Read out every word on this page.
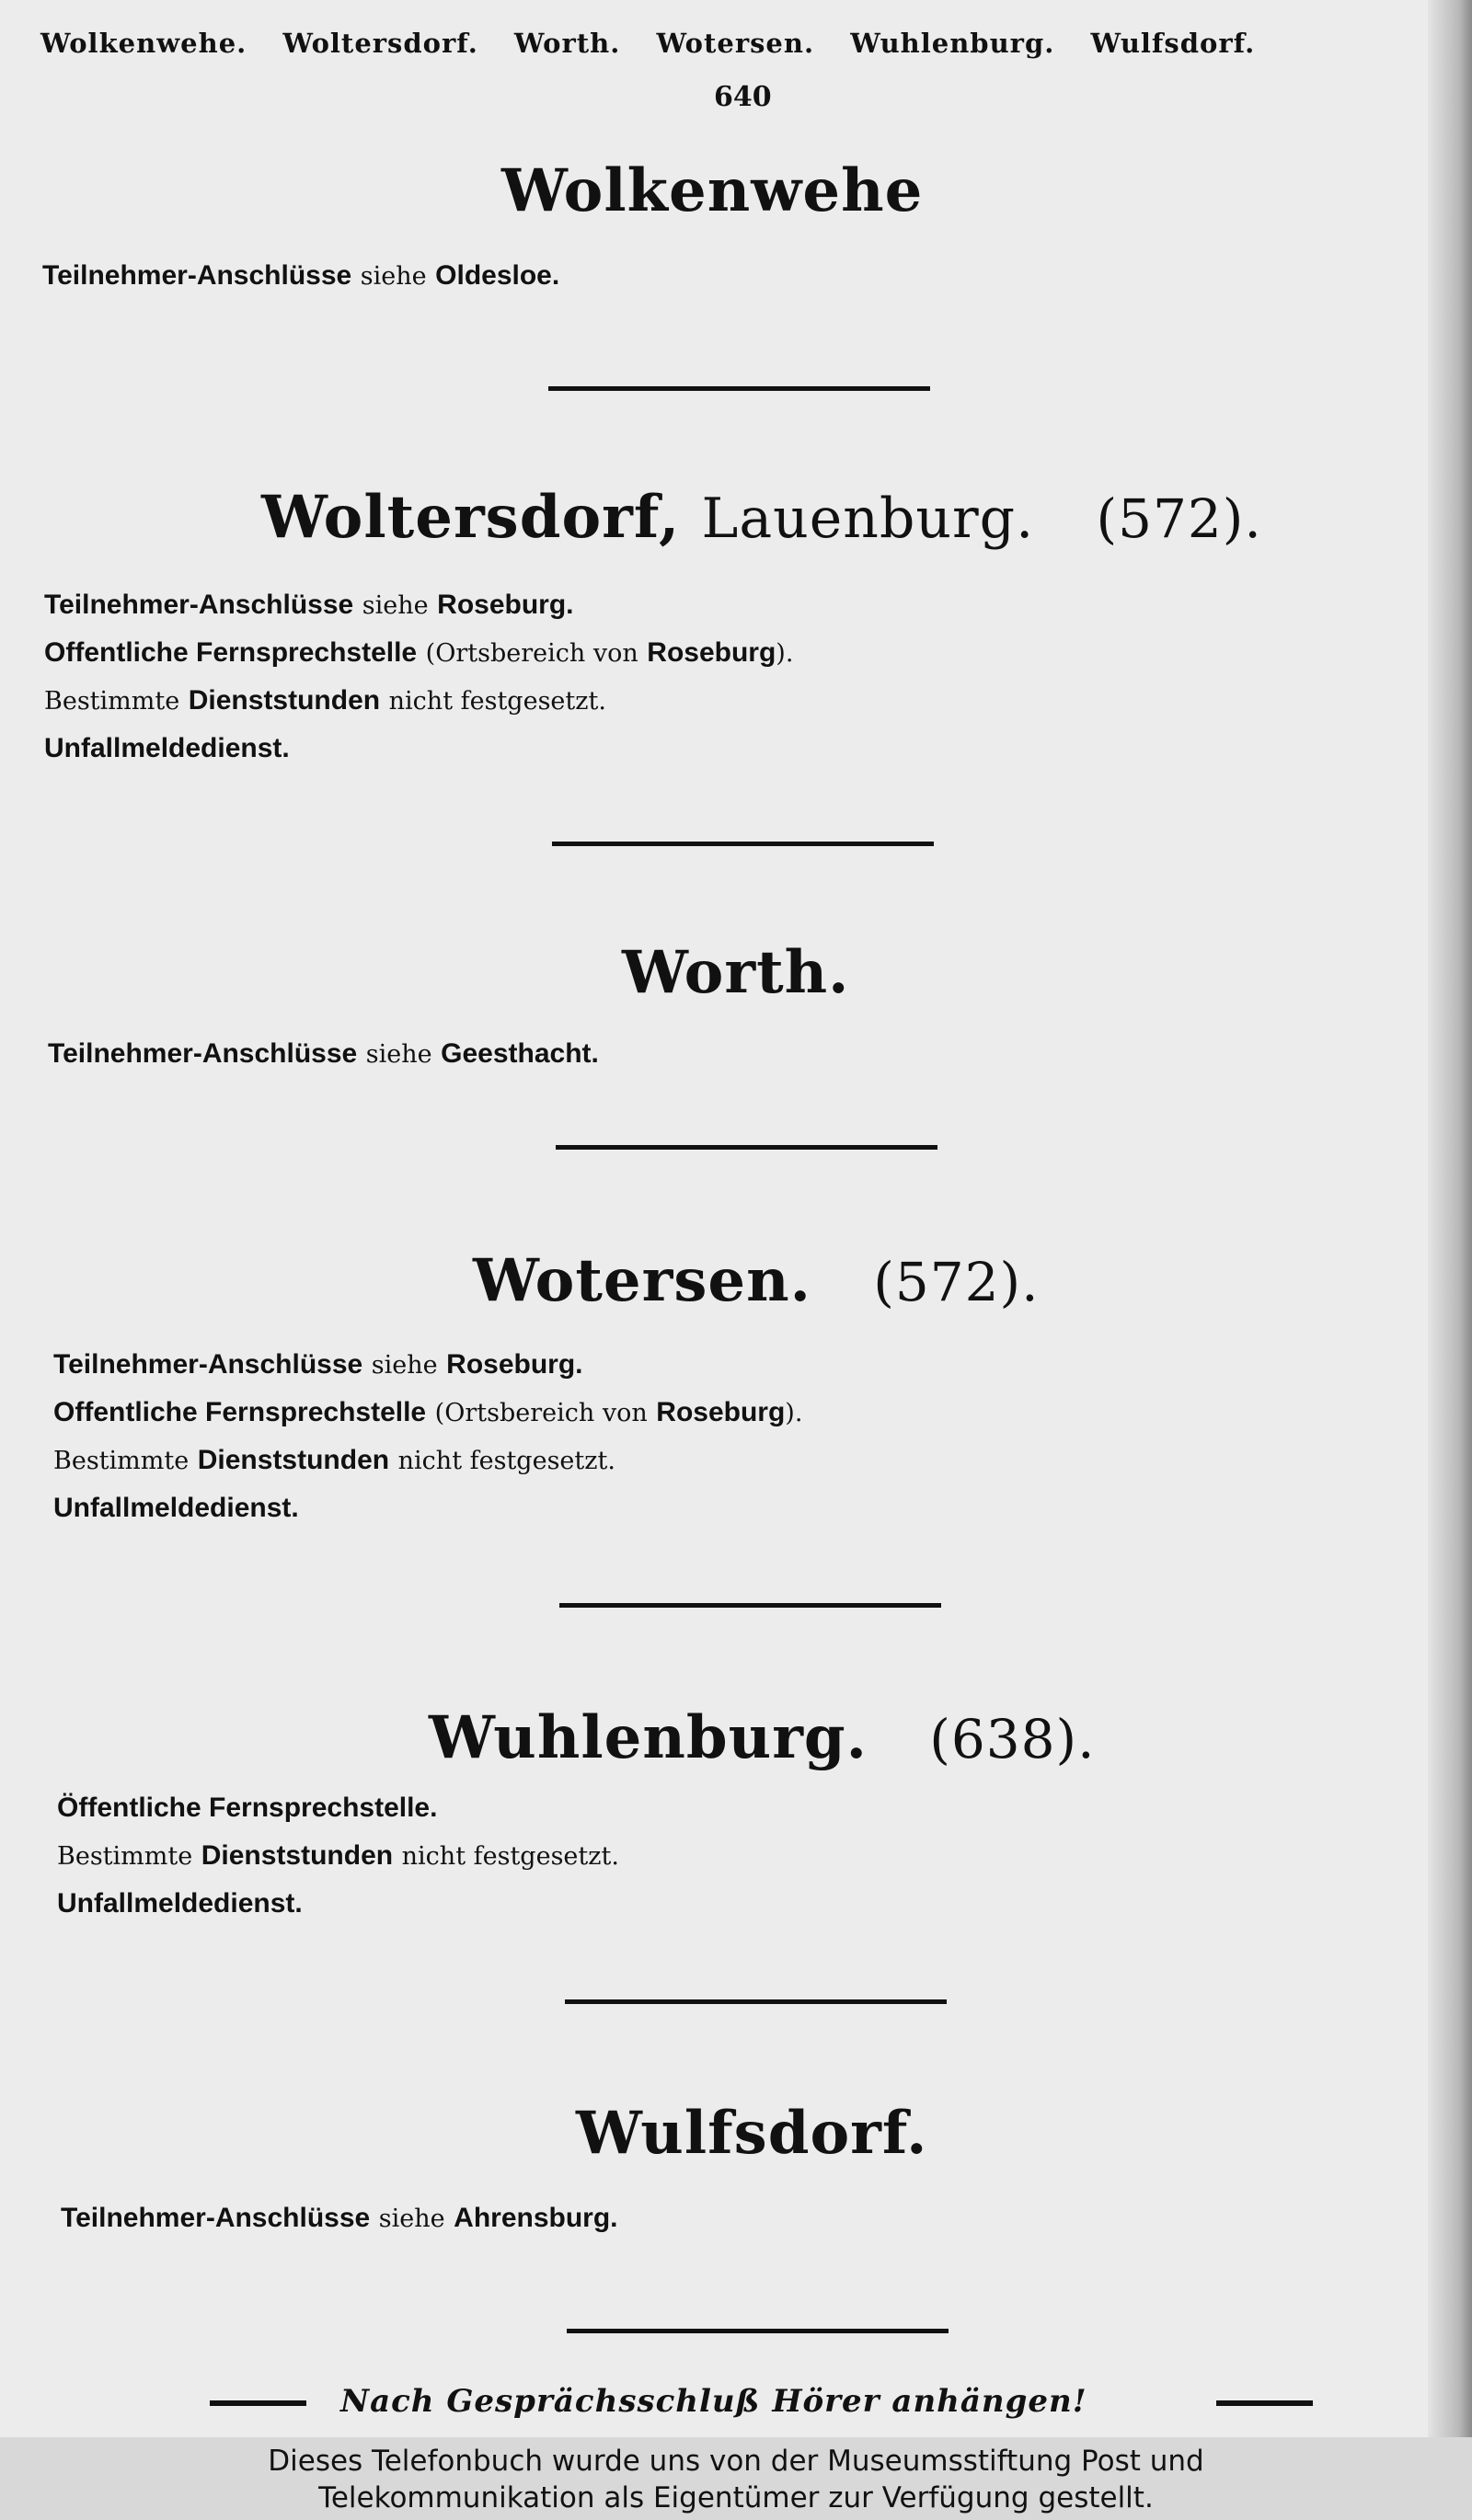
Wolkenwehe. Woltersdorf. Worth. Wotersen. Wuhlenburg. Wulfsdorf.
640
Wolkenwehe
Teilnehmer-Anschlüsse siehe Oldesloe.
Woltersdorf, Lauenburg. (572).
Teilnehmer-Anschlüsse siehe Roseburg.
Offentliche Fernsprechstelle (Ortsbereich von Roseburg).
Bestimmte Dienststunden nicht festgesetzt.
Unfallmeldedienst.
Worth.
Teilnehmer-Anschlüsse siehe Geesthacht.
Wotersen. (572).
Teilnehmer-Anschlüsse siehe Roseburg.
Offentliche Fernsprechstelle (Ortsbereich von Roseburg).
Bestimmte Dienststunden nicht festgesetzt.
Unfallmeldedienst.
Wuhlenburg. (638).
Öffentliche Fernsprechstelle.
Bestimmte Dienststunden nicht festgesetzt.
Unfallmeldedienst.
Wulfsdorf.
Teilnehmer-Anschlüsse siehe Ahrensburg.
Nach Gesprächsschluß Hörer anhängen!
Dieses Telefonbuch wurde uns von der Museumsstiftung Post und
Telekommunikation als Eigentümer zur Verfügung gestellt.
